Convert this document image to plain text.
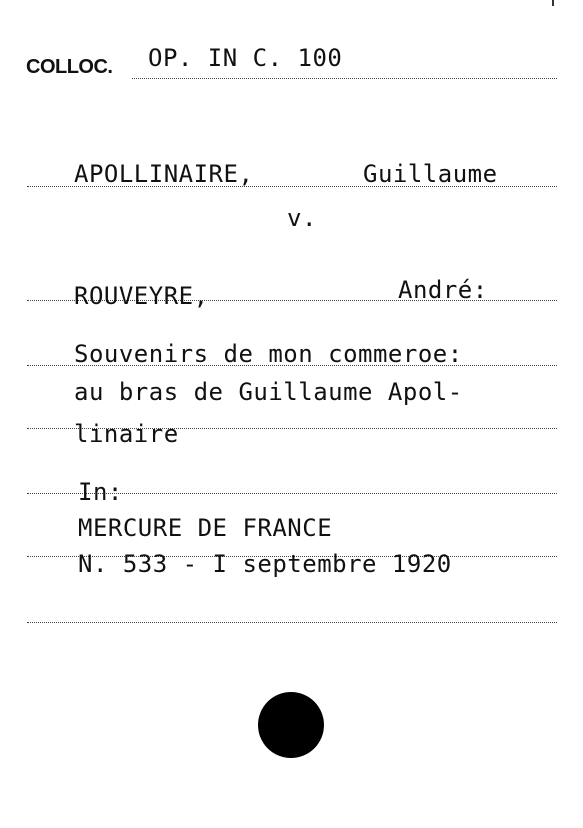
COLLOC. OP. IN C. 100
APOLLINAIRE,	Guillaume
v.
ROUVEYRE,	André:
Souvenirs de mon commeroe:
au bras de Guillaume Apol-
linaire
In:
MERCURE DE FRANCE
N. 533 - I septembre 1920
